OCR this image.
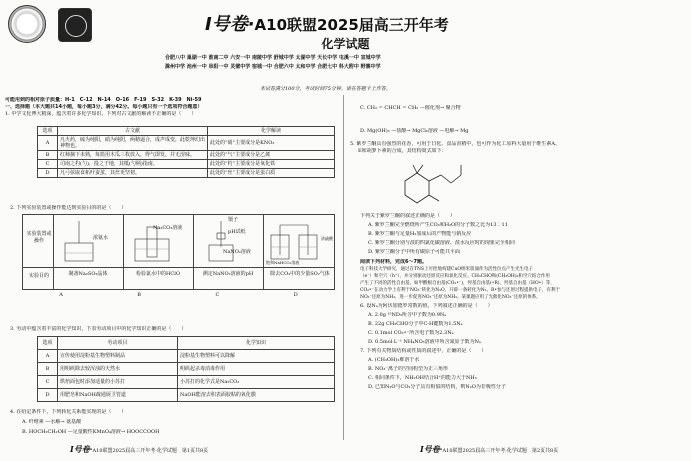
Ⅰ号卷·A10联盟2025届高三开年考
化学试题
合肥八中 巢湖一中 淮南二中 六安一中 南陵中学 舒城中学 太湖中学 天长中学 屯溪一中 宣城中学
滁州中学 池州一中 阜阳一中 灵璧中学 宿城一中 合肥六中 太和中学 合肥七中 科大附中 野寨中学
本试卷满分100分，考试时间75分钟。请在答题卡上作答。
可能用到的相对原子质量：H-1　C-12　N-14　O-16　F-19　S-32　K-39　Ni-59
一、选择题（本大题共14小题，每小题3分，满分42分。每小题只有一个选项符合题意）
1. 中学文化博大精深，蕴含着许多化学知识。下列对古文献的解读不正确的是（　　）
选项	古文献	化学解读
A	凡火药，硫为纯阳，硝为纯阴，两精逼合，成声成变，此乾坤幻出神物也。	此处的“硝”主要成分是KNO₃
B	红柿摘下未熟，每篮用木瓜三枚放入，得气即发，并无涩味。	此处的“气”主要成分是乙烯
C	司南之杓(勺)，投之于地，其柢(勺柄)指南。	此处的“杓”主要成分是氧化铁
D	凡弓弦取食柘叶蚕茧，其丝更坚韧。	此处的“丝”主要成分是蛋白质
2. 下列实验装置或操作能达到实验目的的是（　　）
实验装置或操作
实验目的
浓氨水
Na₂CO₃溶液
镊子
pH试纸
NaNO₂溶液
饱和NaHCO₃溶液
浓硫酸
制备Na₂SO₃晶体	检验氯水中的HClO	测定NaNO₂溶液的pH	除去CO₂中的少量SO₂气体
A	B	C	D
3. 劳动中蕴含着丰富的化学知识，下表劳动项目中的化学知识正确的是（　　）
选项	劳动项目	化学知识
A	宣传使用淀粉基生物塑料制品	淀粉基生物塑料可以降解
B	用明矾除去较浑浊的天然水	明矾起杀毒消毒作用
C	烘焙面包时添加适量的小苏打	小苏打的化学式是Na₂CO₃
D	用肥皂和NaOH疏通厨卫管道	NaOH能溶去积表面胶粘的氧化膜
4. 在给定条件下，下列转化关系能实现的是（　　）
A. 纤维素 —水解→ 氨基酸
B. HOCH₂CH₂OH —足量酸性KMnO₄溶液→ HOOCCOOH
C. CH₂ = CHCH = CH₂ —催化剂→ 聚合物
D. Mg(OH)₂ —盐酸→ MgCl₂溶液 —电解→ Mg
5. 紫罗兰酮具有强烈的花香，可用于日化、食品香精中，也可作为化工原料大量用于维生素A、
E和胡萝卜素的合成，其结构简式如下：
下列关于紫罗兰酮的叙述正确的是（　　）
A. 紫罗兰酮完全燃烧所产生CO₂和H₂O的分子数之比为13∶11
B. 紫罗兰酮与足量H₂加成后的产物能与钠反应
C. 紫罗兰酮分别与溴的四氯化碳溶液、溴水反应时的现象完全相同
D. 紫罗兰酮分子中所有碳原子可能共平面
阅读下列材料，完成6～7题。
电子科技大学研究，通过在TNS上可控地构建CuO纳米簇涌作为活性位点产生光生电子
（e⁻）和空穴（h⁺），并分别驱动还原反应和氧化反应。CH₃CHO和(CH₃OH)₂和空穴结合作用
产生了不同的活性自由基，如甲酸根自由基(CO₂•⁻)，羟基自由基(•R)，羟基自由基（HO•）等，
CO₂•⁻在动力学上有利于NO₃⁻转化为N₂O，开辟一条转化为N₂，R•参与还原过程提供电子，有利于
NO₃⁻还原为NH₃，进一步促进NO₃⁻还原为NH₃。某课题应用了光催化NO₃⁻还原的体系。
6. 设Nₐ为阿伏加德罗常数的值，下列叙述正确的是（　　）
A. 2.0g ¹⁵ND₃所含中子数为0.9Nₐ
B. 22g CH₃CHO分子中C-H键数为1.5Nₐ
C. 0.1mol CO₂•⁻所含电子数为2.3Nₐ
D. 0.5mol·L⁻¹ NH₄NO₃溶液中所含氮原子数为Nₐ
7. 下列有关物质结构或性质的叙述中，正确的是（　　）
A. (CH₃OH)₂难溶于水
B. NO₃⁻离子的空间构型为正三角形
C. 相同条件下，NH₂OH结合H⁺的能力大于NH₃
D. 已知N₂O与CO₂分子具有相似的结构，则N₂O为非极性分子
Ⅰ号卷·A10联盟2025届高三开年考·化学试题　第1页共8页	Ⅰ号卷·A10联盟2025届高三开年考·化学试题　第2页共8页
